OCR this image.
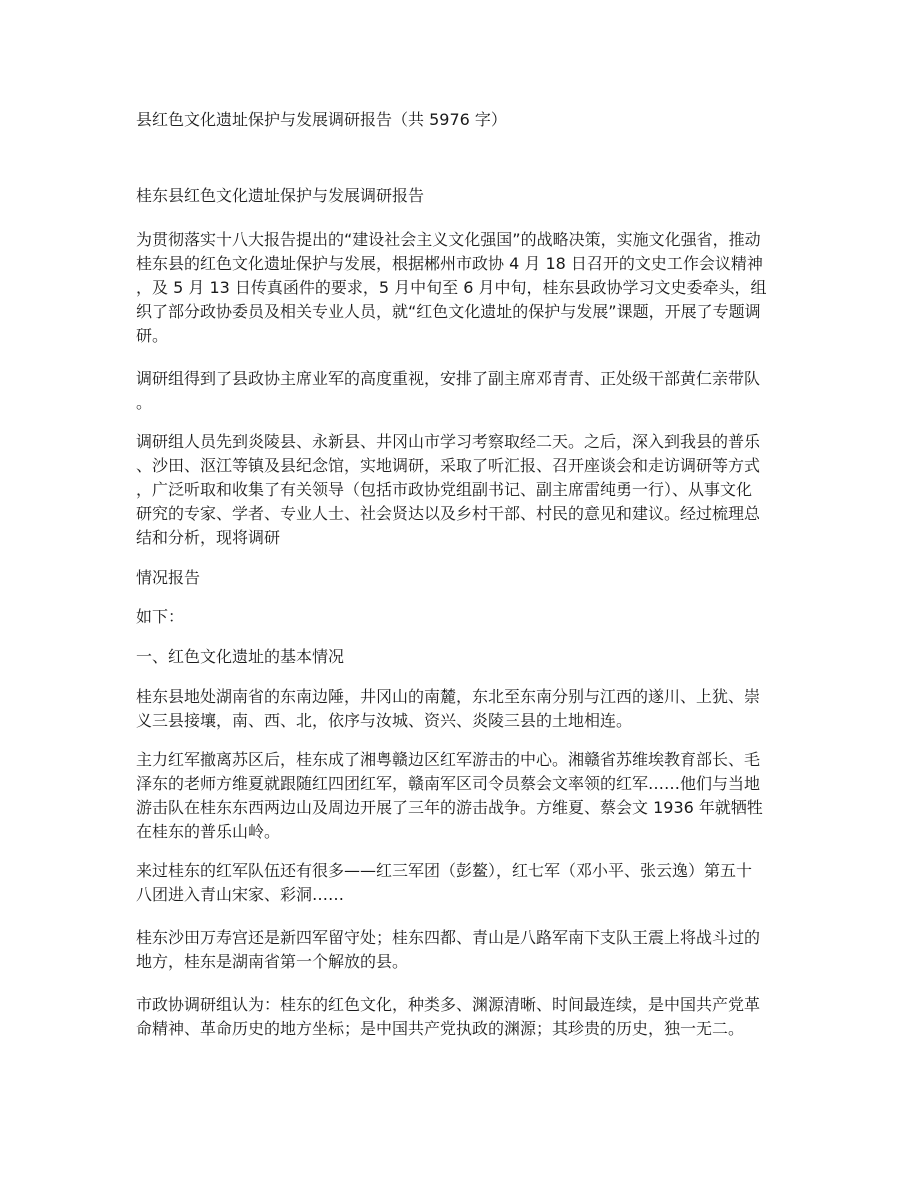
县红色文化遗址保护与发展调研报告（共 5976 字）
桂东县红色文化遗址保护与发展调研报告
为贯彻落实十八大报告提出的“建设社会主义文化强国”的战略决策，实施文化强省，推动
桂东县的红色文化遗址保护与发展，根据郴州市政协 4 月 18 日召开的文史工作会议精神
，及 5 月 13 日传真函件的要求，5 月中旬至 6 月中旬，桂东县政协学习文史委牵头，组
织了部分政协委员及相关专业人员，就“红色文化遗址的保护与发展”课题，开展了专题调
研。
调研组得到了县政协主席业军的高度重视，安排了副主席邓青青、正处级干部黄仁亲带队
。
调研组人员先到炎陵县、永新县、井冈山市学习考察取经二天。之后，深入到我县的普乐
、沙田、沤江等镇及县纪念馆，实地调研，采取了听汇报、召开座谈会和走访调研等方式
，广泛听取和收集了有关领导（包括市政协党组副书记、副主席雷纯勇一行）、从事文化
研究的专家、学者、专业人士、社会贤达以及乡村干部、村民的意见和建议。经过梳理总
结和分析，现将调研
情况报告
如下：
一、红色文化遗址的基本情况
桂东县地处湖南省的东南边陲，井冈山的南麓，东北至东南分别与江西的遂川、上犹、崇
义三县接壤，南、西、北，依序与汝城、资兴、炎陵三县的土地相连。
主力红军撤离苏区后，桂东成了湘粤赣边区红军游击的中心。湘赣省苏维埃教育部长、毛
泽东的老师方维夏就跟随红四团红军，赣南军区司令员蔡会文率领的红军……他们与当地
游击队在桂东东西两边山及周边开展了三年的游击战争。方维夏、蔡会文 1936 年就牺牲
在桂东的普乐山岭。
来过桂东的红军队伍还有很多——红三军团（彭鳌），红七军（邓小平、张云逸）第五十
八团进入青山宋家、彩洞……
桂东沙田万寿宫还是新四军留守处；桂东四都、青山是八路军南下支队王震上将战斗过的
地方，桂东是湖南省第一个解放的县。
市政协调研组认为：桂东的红色文化，种类多、渊源清晰、时间最连续，是中国共产党革
命精神、革命历史的地方坐标；是中国共产党执政的渊源；其珍贵的历史，独一无二。
